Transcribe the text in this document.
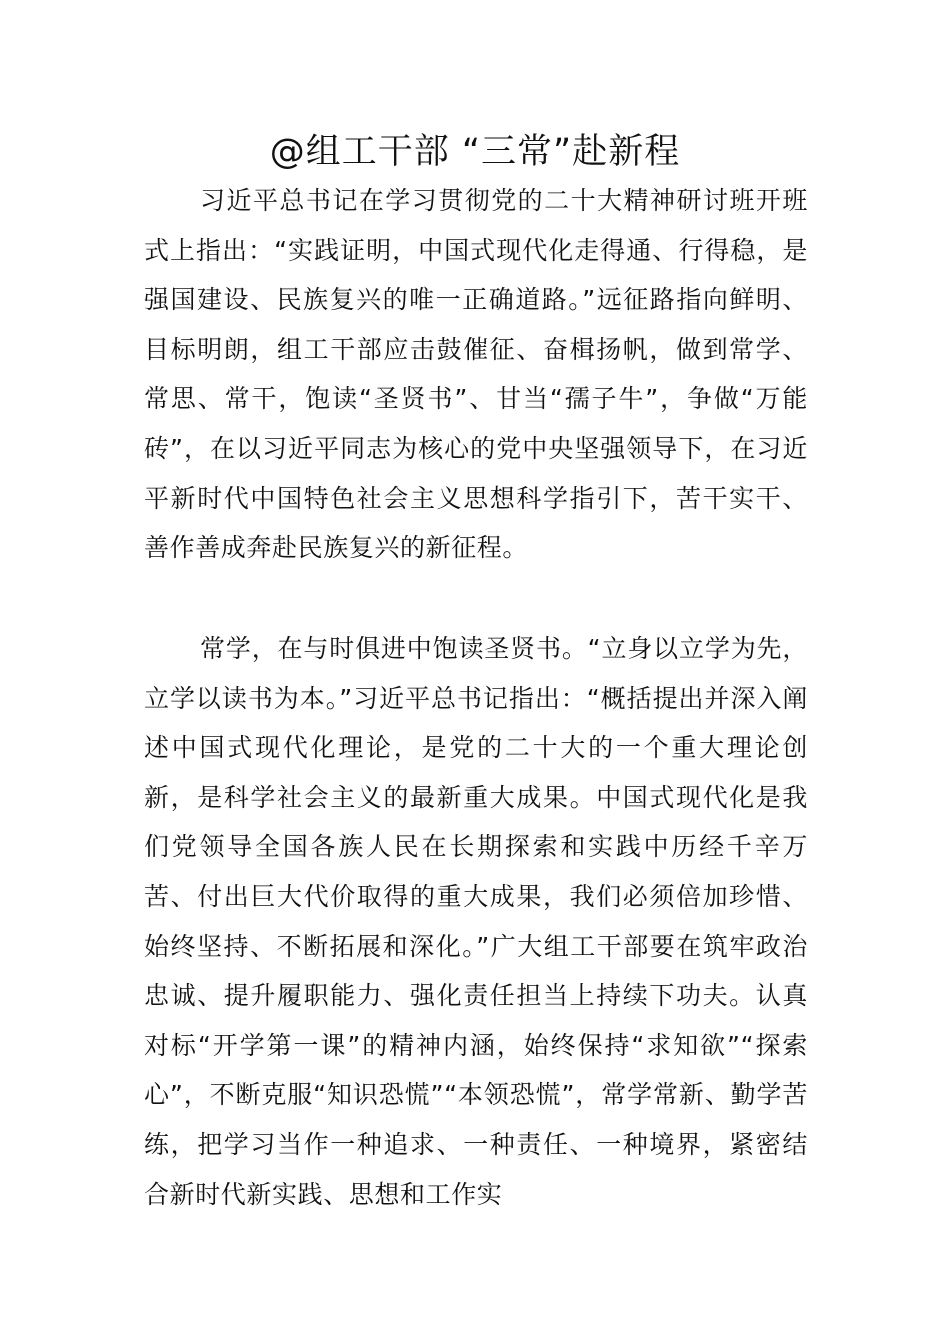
@组工干部 “三常”赴新程

习近平总书记在学习贯彻党的二十大精神研讨班开班式上指出：“实践证明，中国式现代化走得通、行得稳，是强国建设、民族复兴的唯一正确道路。”远征路指向鲜明、目标明朗，组工干部应击鼓催征、奋楫扬帆，做到常学、常思、常干，饱读“圣贤书”、甘当“孺子牛”，争做“万能砖”，在以习近平同志为核心的党中央坚强领导下，在习近平新时代中国特色社会主义思想科学指引下，苦干实干、善作善成奔赴民族复兴的新征程。

常学，在与时俱进中饱读圣贤书。“立身以立学为先，立学以读书为本。”习近平总书记指出：“概括提出并深入阐述中国式现代化理论，是党的二十大的一个重大理论创新，是科学社会主义的最新重大成果。中国式现代化是我们党领导全国各族人民在长期探索和实践中历经千辛万苦、付出巨大代价取得的重大成果，我们必须倍加珍惜、始终坚持、不断拓展和深化。”广大组工干部要在筑牢政治忠诚、提升履职能力、强化责任担当上持续下功夫。认真对标“开学第一课”的精神内涵，始终保持“求知欲”“探索心”，不断克服“知识恐慌”“本领恐慌”，常学常新、勤学苦练，把学习当作一种追求、一种责任、一种境界，紧密结合新时代新实践、思想和工作实
